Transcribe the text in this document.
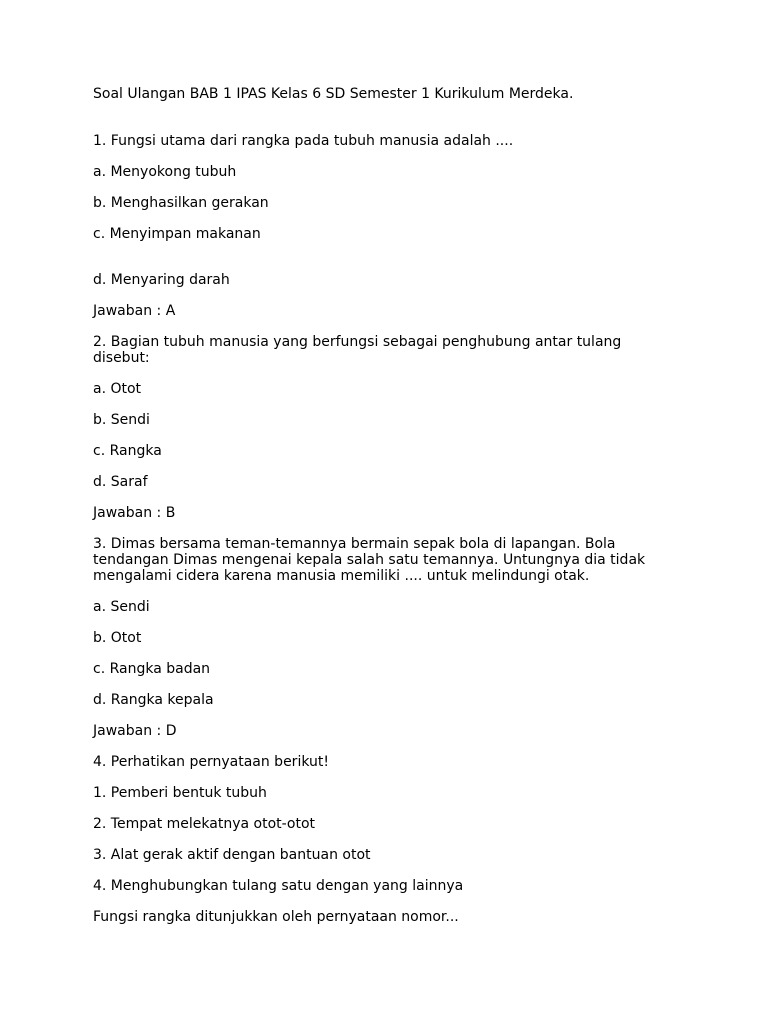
Soal Ulangan BAB 1 IPAS Kelas 6 SD Semester 1 Kurikulum Merdeka.

1. Fungsi utama dari rangka pada tubuh manusia adalah ....

a. Menyokong tubuh

b. Menghasilkan gerakan

c. Menyimpan makanan

d. Menyaring darah

Jawaban : A

2. Bagian tubuh manusia yang berfungsi sebagai penghubung antar tulang disebut:

a. Otot

b. Sendi

c. Rangka

d. Saraf

Jawaban : B

3. Dimas bersama teman-temannya bermain sepak bola di lapangan. Bola tendangan Dimas mengenai kepala salah satu temannya. Untungnya dia tidak mengalami cidera karena manusia memiliki .... untuk melindungi otak.

a. Sendi

b. Otot

c. Rangka badan

d. Rangka kepala

Jawaban : D

4. Perhatikan pernyataan berikut!

1. Pemberi bentuk tubuh

2. Tempat melekatnya otot-otot

3. Alat gerak aktif dengan bantuan otot

4. Menghubungkan tulang satu dengan yang lainnya

Fungsi rangka ditunjukkan oleh pernyataan nomor...
